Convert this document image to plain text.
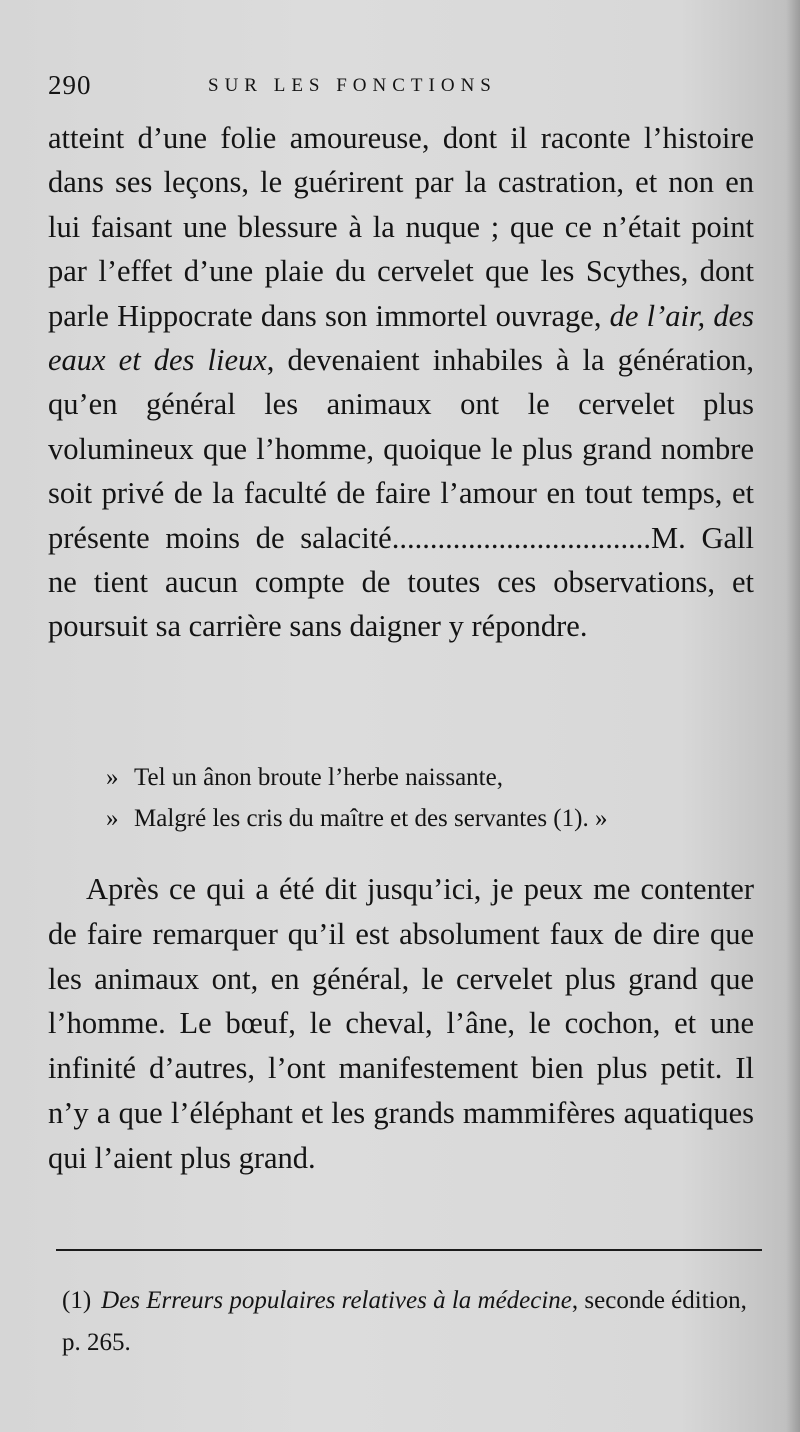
290	SUR LES FONCTIONS
atteint d’une folie amoureuse, dont il raconte l’histoire dans ses leçons, le guérirent par la castration, et non en lui faisant une blessure à la nuque ; que ce n’était point par l’effet d’une plaie du cervelet que les Scythes, dont parle Hippocrate dans son immortel ouvrage, de l’air, des eaux et des lieux, devenaient inhabiles à la génération, qu’en général les animaux ont le cervelet plus volumineux que l’homme, quoique le plus grand nombre soit privé de la faculté de faire l’amour en tout temps, et présente moins de salacité..................................M. Gall ne tient aucun compte de toutes ces observations, et poursuit sa carrière sans daigner y répondre.
» Tel un ânon broute l’herbe naissante,
» Malgré les cris du maître et des servantes (1). »
Après ce qui a été dit jusqu’ici, je peux me contenter de faire remarquer qu’il est absolument faux de dire que les animaux ont, en général, le cervelet plus grand que l’homme. Le bœuf, le cheval, l’âne, le cochon, et une infinité d’autres, l’ont manifestement bien plus petit. Il n’y a que l’éléphant et les grands mammifères aquatiques qui l’aient plus grand.
(1) Des Erreurs populaires relatives à la médecine, seconde édition, p. 265.
